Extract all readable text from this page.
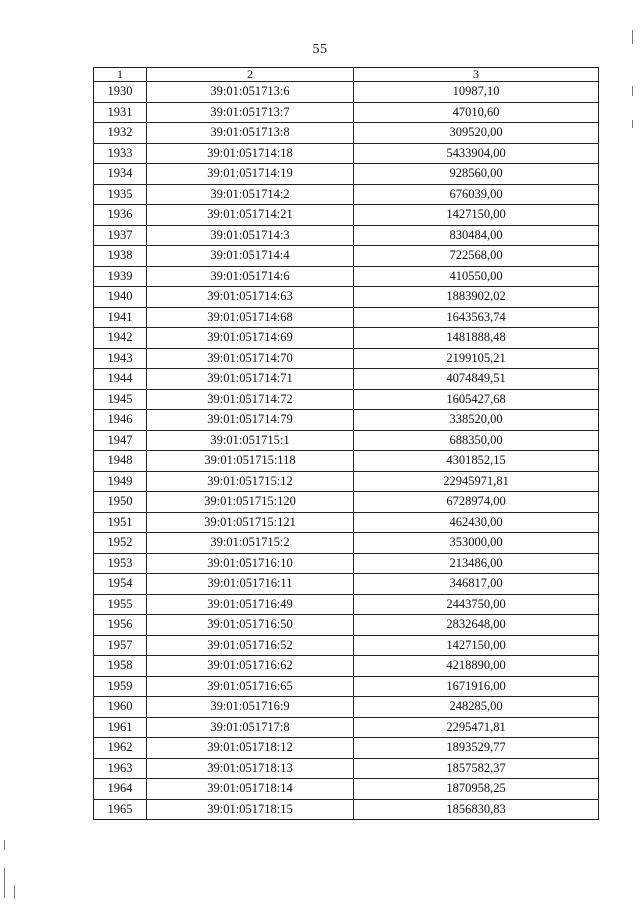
55
1	2	3
1930	39:01:051713:6	10987,10
1931	39:01:051713:7	47010,60
1932	39:01:051713:8	309520,00
1933	39:01:051714:18	5433904,00
1934	39:01:051714:19	928560,00
1935	39:01:051714:2	676039,00
1936	39:01:051714:21	1427150,00
1937	39:01:051714:3	830484,00
1938	39:01:051714:4	722568,00
1939	39:01:051714:6	410550,00
1940	39:01:051714:63	1883902,02
1941	39:01:051714:68	1643563,74
1942	39:01:051714:69	1481888,48
1943	39:01:051714:70	2199105,21
1944	39:01:051714:71	4074849,51
1945	39:01:051714:72	1605427,68
1946	39:01:051714:79	338520,00
1947	39:01:051715:1	688350,00
1948	39:01:051715:118	4301852,15
1949	39:01:051715:12	22945971,81
1950	39:01:051715:120	6728974,00
1951	39:01:051715:121	462430,00
1952	39:01:051715:2	353000,00
1953	39:01:051716:10	213486,00
1954	39:01:051716:11	346817,00
1955	39:01:051716:49	2443750,00
1956	39:01:051716:50	2832648,00
1957	39:01:051716:52	1427150,00
1958	39:01:051716:62	4218890,00
1959	39:01:051716:65	1671916,00
1960	39:01:051716:9	248285,00
1961	39:01:051717:8	2295471,81
1962	39:01:051718:12	1893529,77
1963	39:01:051718:13	1857582,37
1964	39:01:051718:14	1870958,25
1965	39:01:051718:15	1856830,83
